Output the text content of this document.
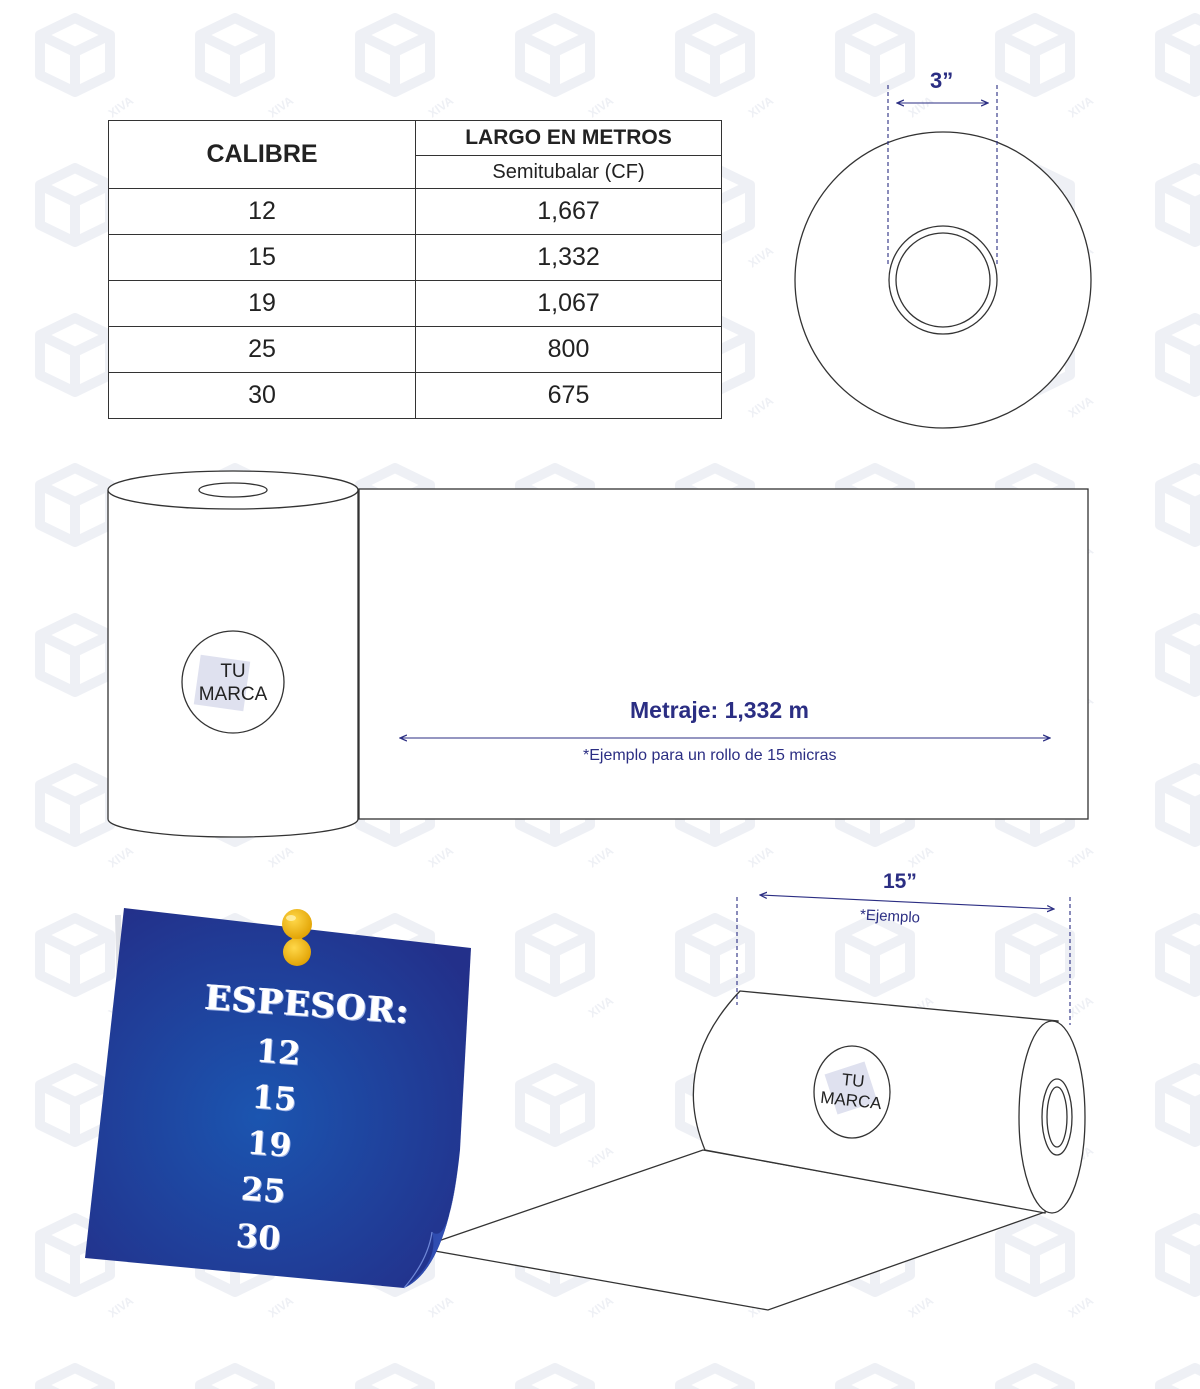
CALIBRE	LARGO EN METROS
	Semitubalar (CF)
12	1,667
15	1,332
19	1,067
25	800
30	675
3”
TU
MARCA
Metraje: 1,332 m
*Ejemplo para un rollo de 15 micras
15”
*Ejemplo
TU
MARCA
ESPESOR:
12
15
19
25
30
